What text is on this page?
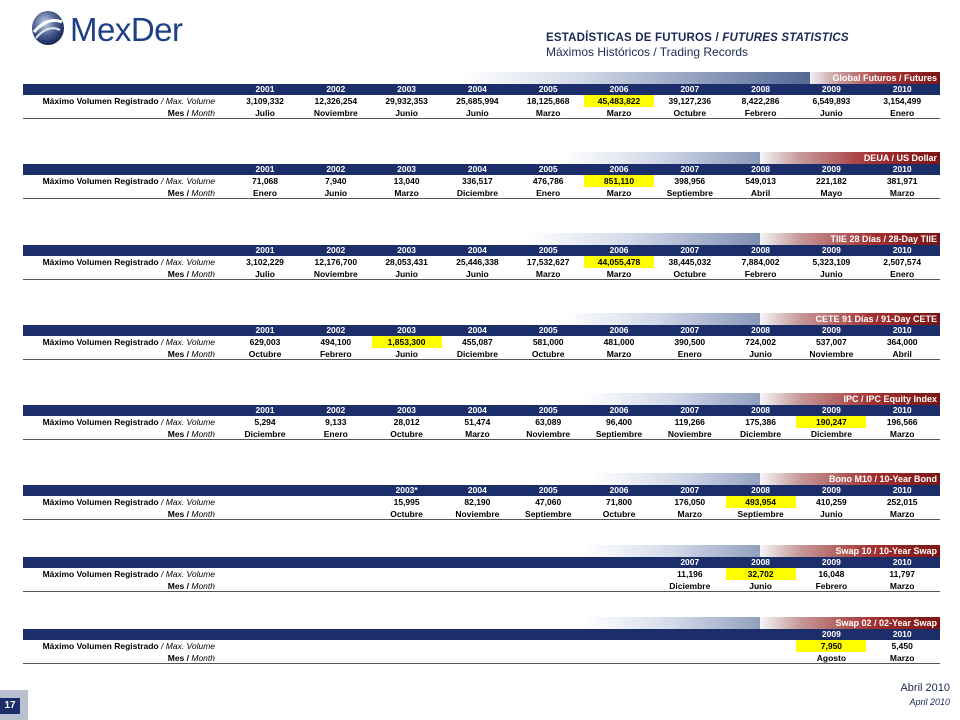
MexDer	ESTADÍSTICAS DE FUTUROS / FUTURES STATISTICS
Máximos Históricos / Trading Records
Global Futuros / Futures
2001	2002	2003	2004	2005	2006	2007	2008	2009	2010
Máximo Volumen Registrado / Max. Volume	3,109,332	12,326,254	29,932,353	25,685,994	18,125,868	45,483,822	39,127,236	8,422,286	6,549,893	3,154,499
Mes / Month	Julio	Noviembre	Junio	Junio	Marzo	Marzo	Octubre	Febrero	Junio	Enero
DEUA / US Dollar
2001	2002	2003	2004	2005	2006	2007	2008	2009	2010
Máximo Volumen Registrado / Max. Volume	71,068	7,940	13,040	336,517	476,786	851,110	398,956	549,013	221,182	381,971
Mes / Month	Enero	Junio	Marzo	Diciembre	Enero	Marzo	Septiembre	Abril	Mayo	Marzo
TIIE 28 Días / 28-Day TIIE
2001	2002	2003	2004	2005	2006	2007	2008	2009	2010
Máximo Volumen Registrado / Max. Volume	3,102,229	12,176,700	28,053,431	25,446,338	17,532,627	44,055,478	38,445,032	7,884,002	5,323,109	2,507,574
Mes / Month	Julio	Noviembre	Junio	Junio	Marzo	Marzo	Octubre	Febrero	Junio	Enero
CETE 91 Días / 91-Day CETE
2001	2002	2003	2004	2005	2006	2007	2008	2009	2010
Máximo Volumen Registrado / Max. Volume	629,003	494,100	1,853,300	455,087	581,000	481,000	390,500	724,002	537,007	364,000
Mes / Month	Octubre	Febrero	Junio	Diciembre	Octubre	Marzo	Enero	Junio	Noviembre	Abril
IPC / IPC Equity Index
2001	2002	2003	2004	2005	2006	2007	2008	2009	2010
Máximo Volumen Registrado / Max. Volume	5,294	9,133	28,012	51,474	63,089	96,400	119,266	175,386	190,247	196,566
Mes / Month	Diciembre	Enero	Octubre	Marzo	Noviembre	Septiembre	Noviembre	Diciembre	Diciembre	Marzo
Bono M10 / 10-Year Bond
2003*	2004	2005	2006	2007	2008	2009	2010
Máximo Volumen Registrado / Max. Volume	15,995	82,190	47,060	71,800	176,050	493,954	410,259	252,015
Mes / Month	Octubre	Noviembre	Septiembre	Octubre	Marzo	Septiembre	Junio	Marzo
Swap 10 / 10-Year Swap
2007	2008	2009	2010
Máximo Volumen Registrado / Max. Volume	11,196	32,702	16,048	11,797
Mes / Month	Diciembre	Junio	Febrero	Marzo
Swap 02 / 02-Year Swap
2009	2010
Máximo Volumen Registrado / Max. Volume	7,950	5,450
Mes / Month	Agosto	Marzo
17
Abril 2010
April 2010
